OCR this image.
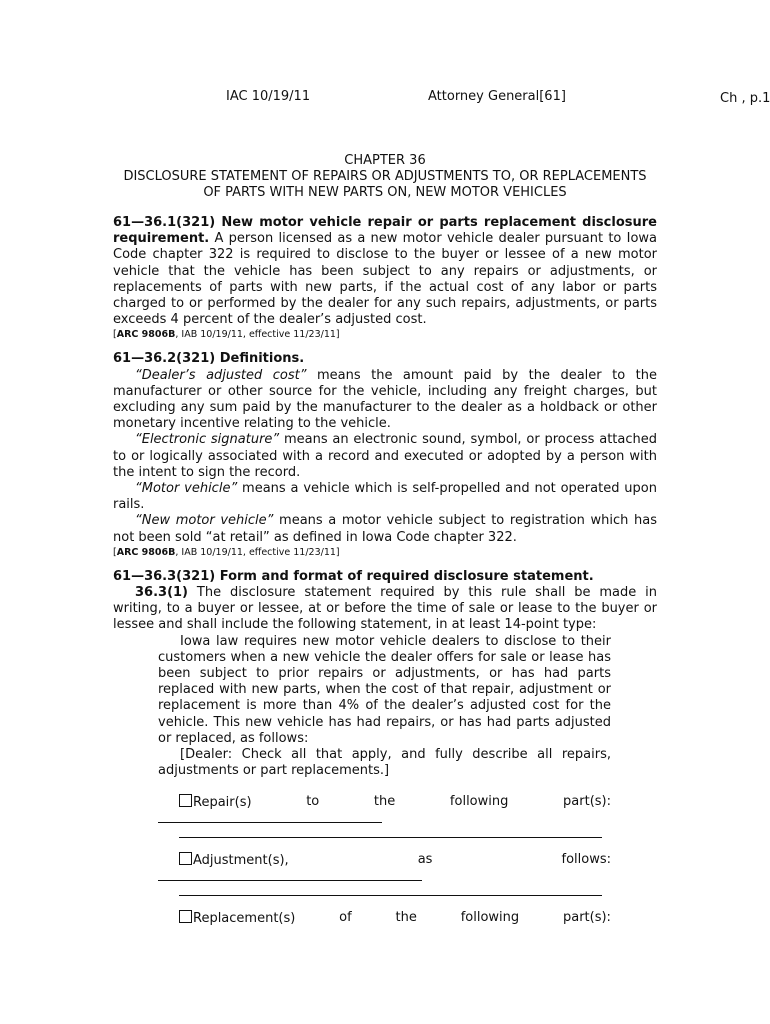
IAC 10/19/11	Attorney General[61]	Ch , p.1
CHAPTER 36
DISCLOSURE STATEMENT OF REPAIRS OR ADJUSTMENTS TO, OR REPLACEMENTS
OF PARTS WITH NEW PARTS ON, NEW MOTOR VEHICLES

61—36.1(321) New motor vehicle repair or parts replacement disclosure requirement. A person licensed as a new motor vehicle dealer pursuant to Iowa Code chapter 322 is required to disclose to the buyer or lessee of a new motor vehicle that the vehicle has been subject to any repairs or adjustments, or replacements of parts with new parts, if the actual cost of any labor or parts charged to or performed by the dealer for any such repairs, adjustments, or parts exceeds 4 percent of the dealer’s adjusted cost.

[ARC 9806B, IAB 10/19/11, effective 11/23/11]

61—36.2(321) Definitions.

“Dealer’s adjusted cost” means the amount paid by the dealer to the manufacturer or other source for the vehicle, including any freight charges, but excluding any sum paid by the manufacturer to the dealer as a holdback or other monetary incentive relating to the vehicle.

“Electronic signature” means an electronic sound, symbol, or process attached to or logically associated with a record and executed or adopted by a person with the intent to sign the record.

“Motor vehicle” means a vehicle which is self-propelled and not operated upon rails.

“New motor vehicle” means a motor vehicle subject to registration which has not been sold “at retail” as defined in Iowa Code chapter 322.

[ARC 9806B, IAB 10/19/11, effective 11/23/11]

61—36.3(321) Form and format of required disclosure statement.

36.3(1) The disclosure statement required by this rule shall be made in writing, to a buyer or lessee, at or before the time of sale or lease to the buyer or lessee and shall include the following statement, in at least 14-point type:

Iowa law requires new motor vehicle dealers to disclose to their customers when a new vehicle the dealer offers for sale or lease has been subject to prior repairs or adjustments, or has had parts replaced with new parts, when the cost of that repair, adjustment or replacement is more than 4% of the dealer’s adjusted cost for the vehicle. This new vehicle has had repairs, or has had parts adjusted or replaced, as follows:

[Dealer: Check all that apply, and fully describe all repairs, adjustments or part replacements.]

Repair(s)	to	the	following	part(s):
Adjustment(s),	as	follows:
Replacement(s)	of	the	following	part(s):
